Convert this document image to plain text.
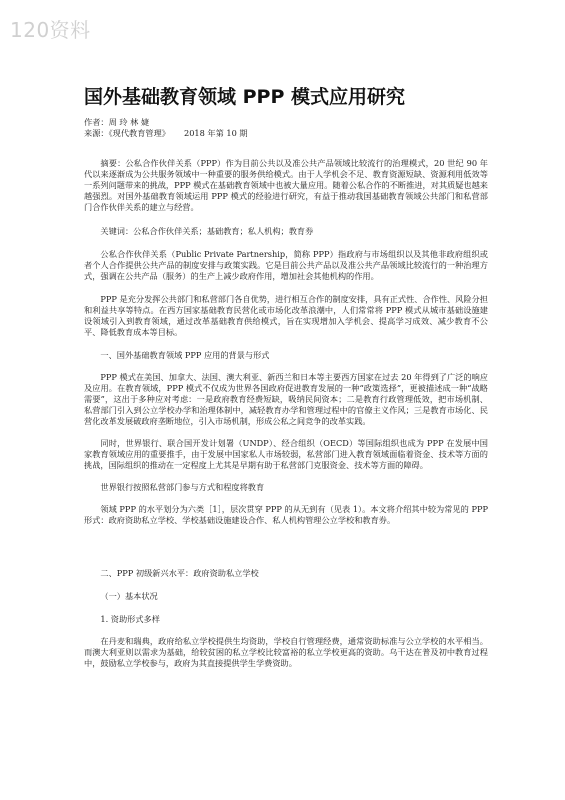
120资料
国外基础教育领域 PPP 模式应用研究
作者：周 玲 林 婕
来源：《现代教育管理》 2018 年第 10 期

摘要：公私合作伙伴关系（PPP）作为目前公共以及准公共产品领域比较流行的治理模式，20 世纪 90 年代以来逐渐成为公共服务领域中一种重要的服务供给模式。由于人学机会不足、教育资源短缺、资源利用低效等一系列问题带来的挑战，PPP 模式在基础教育领域中也被大量应用。随着公私合作的不断推进，对其质疑也越来越强烈。对国外基础教育领域运用 PPP 模式的经验进行研究，有益于推动我国基础教育领域公共部门和私营部门合作伙伴关系的建立与经营。

关键词：公私合作伙伴关系；基础教育；私人机构；教育券

公私合作伙伴关系（Public Private Partnership，简称 PPP）指政府与市场组织以及其他非政府组织或者个人合作提供公共产品的制度安排与政策实践。它是目前公共产品以及准公共产品领域比较流行的一种治理方式，强调在公共产品（服务）的生产上减少政府作用，增加社会其他机构的作用。

PPP 是充分发挥公共部门和私营部门各自优势，进行相互合作的制度安排，具有正式性、合作性、风险分担和利益共享等特点。在西方国家基础教育民营化或市场化改革浪潮中，人们常常将 PPP 模式从城市基础设施建设领域引入到教育领域，通过改革基础教育供给模式，旨在实现增加入学机会、提高学习成效、减少教育不公平、降低教育成本等目标。

一、国外基础教育领域 PPP 应用的背景与形式

PPP 模式在美国、加拿大、法国、澳大利亚、新西兰和日本等主要西方国家在过去 20 年得到了广泛的响应及应用。在教育领域，PPP 模式不仅成为世界各国政府促进教育发展的一种“政策选择”，更被描述成一种“战略需要”，这出于多种应对考虑：一是政府教育经费短缺，吸纳民间资本；二是教育行政管理低效，把市场机制、私营部门引入到公立学校办学和治理体制中，减轻教育办学和管理过程中的官僚主义作风；三是教育市场化、民营化改革发展破政府垄断地位，引入市场机制，形成公私之间竞争的改革实践。

同时，世界银行、联合国开发计划署（UNDP）、经合组织（OECD）等国际组织也成为 PPP 在发展中国家教育领域应用的重要推手，由于发展中国家私人市场较弱，私营部门进入教育领域面临着资金、技术等方面的挑战，国际组织的推动在一定程度上尤其是早期有助于私营部门克服资金、技术等方面的障碍。

世界银行按照私营部门参与方式和程度将教育

领域 PPP 的水平划分为六类［1］，层次贯穿 PPP 的从无到有（见表 1）。本文将介绍其中较为常见的 PPP 形式：政府资助私立学校、学校基础设施建设合作、私人机构管理公立学校和教育券。

二、PPP 初级新兴水平：政府资助私立学校

（一）基本状况

1. 资助形式多样

在丹麦和瑞典，政府给私立学校提供生均资助，学校自行管理经费，通常资助标准与公立学校的水平相当。而澳大利亚则以需求为基础，给较贫困的私立学校比较富裕的私立学校更高的资助。乌干达在普及初中教育过程中，鼓励私立学校参与，政府为其直接提供学生学费资助。
